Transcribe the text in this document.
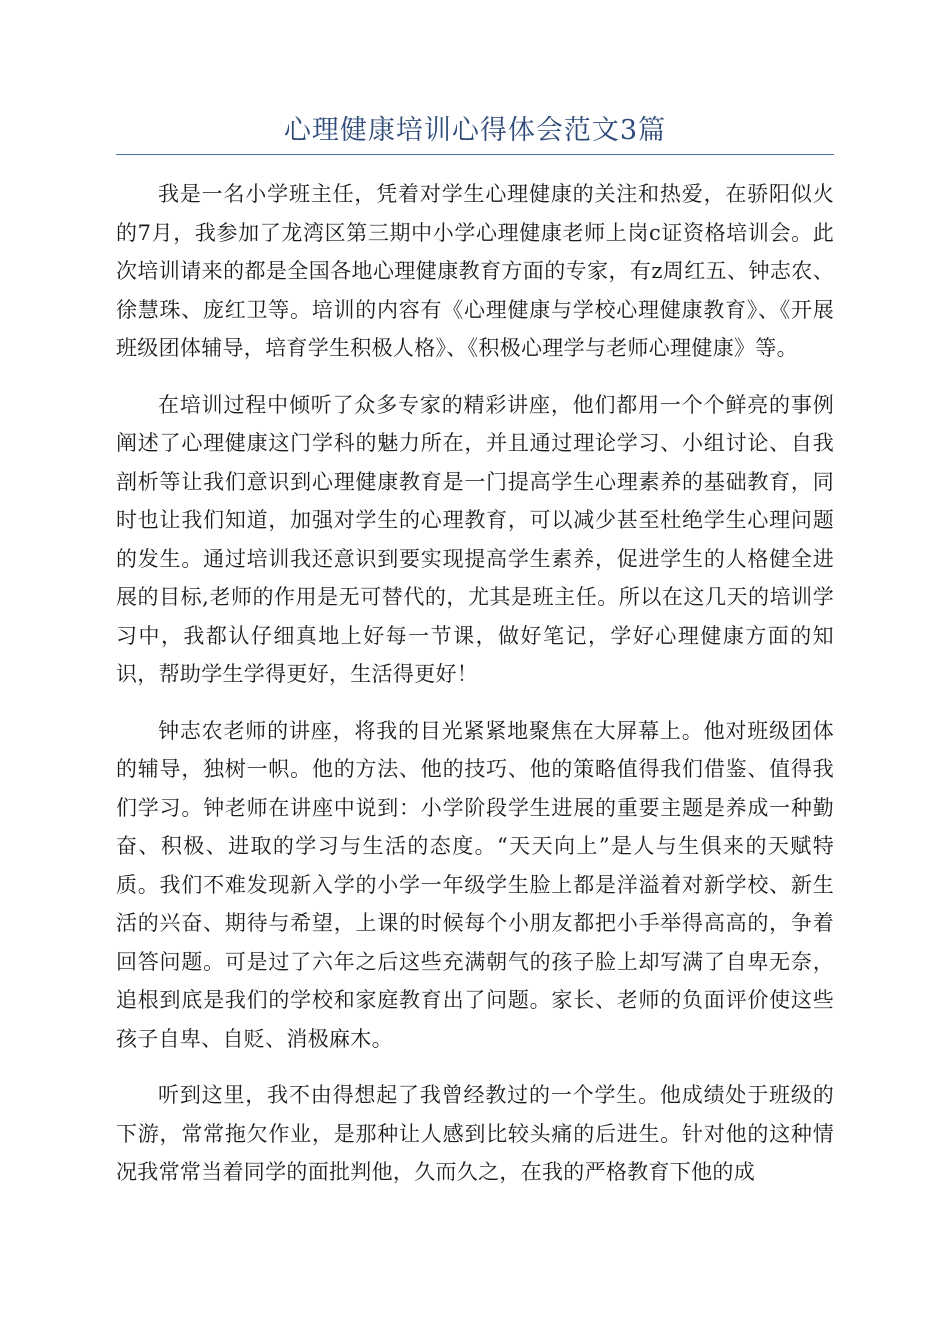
心理健康培训心得体会范文3篇

我是一名小学班主任，凭着对学生心理健康的关注和热爱，在骄阳似火的7月，我参加了龙湾区第三期中小学心理健康老师上岗c证资格培训会。此次培训请来的都是全国各地心理健康教育方面的专家，有z周红五、钟志农、徐慧珠、庞红卫等。培训的内容有《心理健康与学校心理健康教育》、《开展班级团体辅导，培育学生积极人格》、《积极心理学与老师心理健康》等。

在培训过程中倾听了众多专家的精彩讲座，他们都用一个个鲜亮的事例阐述了心理健康这门学科的魅力所在，并且通过理论学习、小组讨论、自我剖析等让我们意识到心理健康教育是一门提高学生心理素养的基础教育，同时也让我们知道，加强对学生的心理教育，可以减少甚至杜绝学生心理问题的发生。通过培训我还意识到要实现提高学生素养，促进学生的人格健全进展的目标,老师的作用是无可替代的，尤其是班主任。所以在这几天的培训学习中，我都认仔细真地上好每一节课，做好笔记，学好心理健康方面的知识，帮助学生学得更好，生活得更好！

钟志农老师的讲座，将我的目光紧紧地聚焦在大屏幕上。他对班级团体的辅导，独树一帜。他的方法、他的技巧、他的策略值得我们借鉴、值得我们学习。钟老师在讲座中说到：小学阶段学生进展的重要主题是养成一种勤奋、积极、进取的学习与生活的态度。“天天向上”是人与生俱来的天赋特质。我们不难发现新入学的小学一年级学生脸上都是洋溢着对新学校、新生活的兴奋、期待与希望，上课的时候每个小朋友都把小手举得高高的，争着回答问题。可是过了六年之后这些充满朝气的孩子脸上却写满了自卑无奈，追根到底是我们的学校和家庭教育出了问题。家长、老师的负面评价使这些孩子自卑、自贬、消极麻木。

听到这里，我不由得想起了我曾经教过的一个学生。他成绩处于班级的下游，常常拖欠作业，是那种让人感到比较头痛的后进生。针对他的这种情况我常常当着同学的面批判他，久而久之，在我的严格教育下他的成
